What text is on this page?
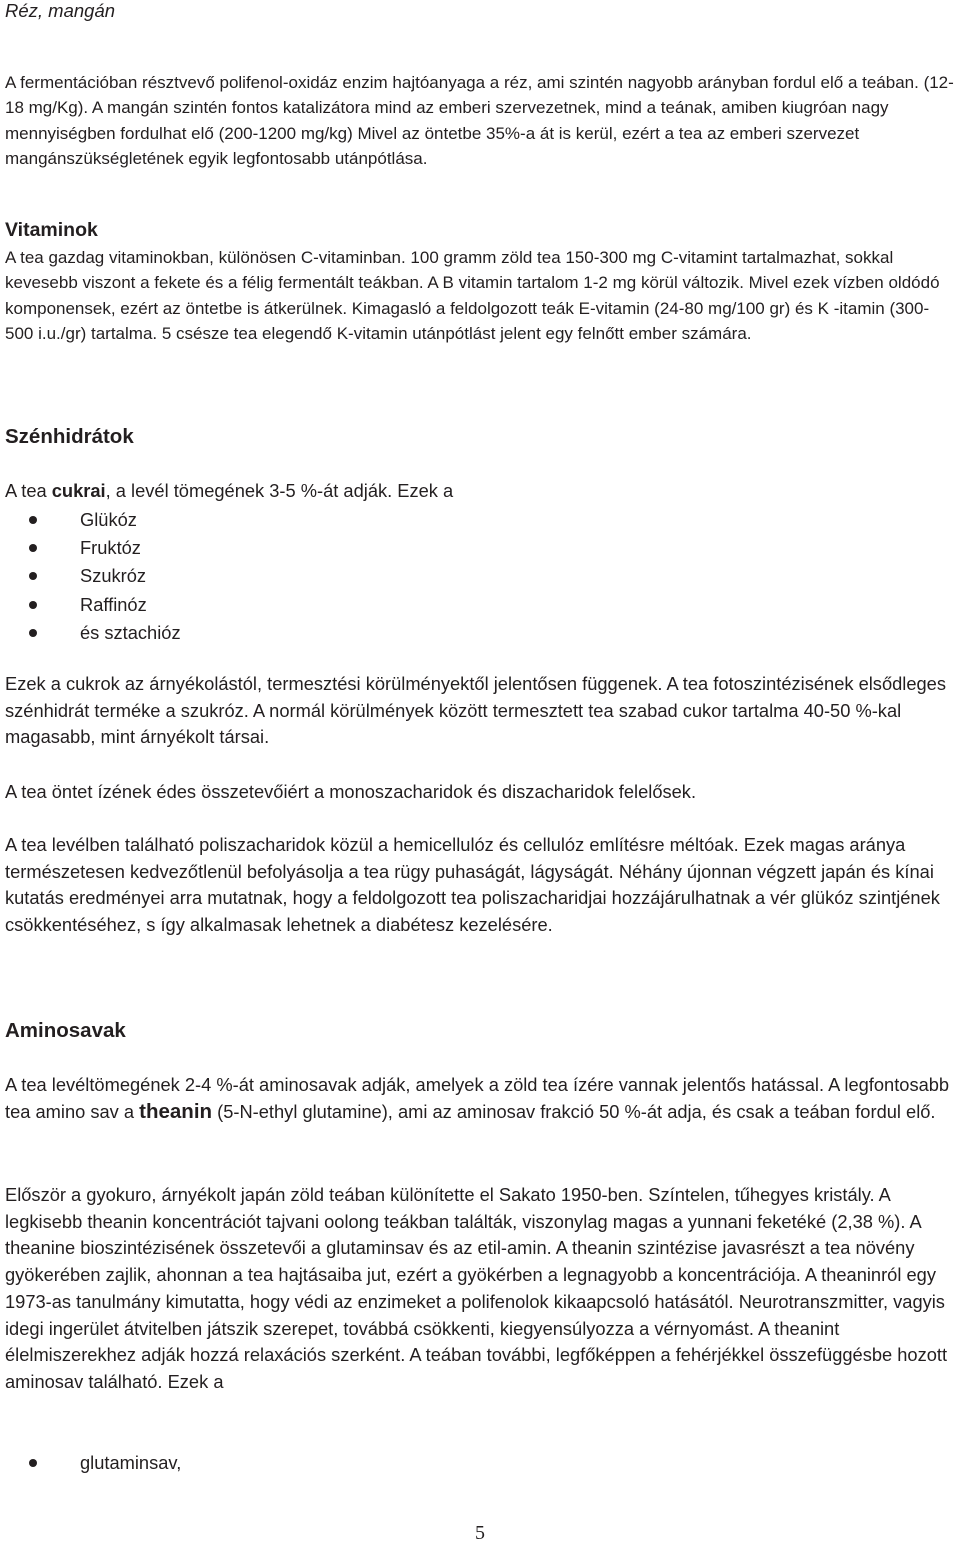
Réz, mangán

A fermentációban résztvevő polifenol-oxidáz enzim hajtóanyaga a réz, ami szintén nagyobb arányban fordul elő a teában. (12-18 mg/Kg). A mangán szintén fontos katalizátora mind az emberi szervezetnek, mind a teának, amiben kiugróan nagy mennyiségben fordulhat elő (200-1200 mg/kg) Mivel az öntetbe 35%-a át is kerül, ezért a tea az emberi szervezet mangánszükségletének egyik legfontosabb utánpótlása.

Vitaminok

A tea gazdag vitaminokban, különösen C-vitaminban. 100 gramm zöld tea 150-300 mg C-vitamint tartalmazhat, sokkal kevesebb viszont a fekete és a félig fermentált teákban. A B vitamin tartalom 1-2 mg körül változik. Mivel ezek vízben oldódó komponensek, ezért az öntetbe is átkerülnek. Kimagasló a feldolgozott teák E-vitamin (24-80 mg/100 gr) és K -itamin (300-500 i.u./gr) tartalma. 5 csésze tea elegendő K-vitamin utánpótlást jelent egy felnőtt ember számára.

Szénhidrátok

A tea cukrai, a levél tömegének 3-5 %-át adják. Ezek a

Glükóz
Fruktóz
Szukróz
Raffinóz
és sztachióz

Ezek a cukrok az árnyékolástól, termesztési körülményektől jelentősen függenek. A tea fotoszintézisének elsődleges szénhidrát terméke a szukróz. A normál körülmények között termesztett tea szabad cukor tartalma 40-50 %-kal magasabb, mint árnyékolt társai.

A tea öntet ízének édes összetevőiért a monoszacharidok és diszacharidok felelősek.

A tea levélben található poliszacharidok közül a hemicellulóz és cellulóz említésre méltóak. Ezek magas aránya természetesen kedvezőtlenül befolyásolja a tea rügy puhaságát, lágyságát. Néhány újonnan végzett japán és kínai kutatás eredményei arra mutatnak, hogy a feldolgozott tea poliszacharidjai hozzájárulhatnak a vér glükóz szintjének csökkentéséhez, s így alkalmasak lehetnek a diabétesz kezelésére.

Aminosavak

A tea levéltömegének 2-4 %-át aminosavak adják, amelyek a zöld tea ízére vannak jelentős hatással. A legfontosabb tea amino sav a theanin (5-N-ethyl glutamine), ami az aminosav frakció 50 %-át adja, és csak a teában fordul elő.

Először a gyokuro, árnyékolt japán zöld teában különítette el Sakato 1950-ben. Színtelen, tűhegyes kristály. A legkisebb theanin koncentrációt tajvani oolong teákban találták, viszonylag magas a yunnani feketéké (2,38 %). A theanine bioszintézisének összetevői a glutaminsav és az etil-amin. A theanin szintézise javasrészt a tea növény gyökerében zajlik, ahonnan a tea hajtásaiba jut, ezért a gyökérben a legnagyobb a koncentrációja. A theaninról egy 1973-as tanulmány kimutatta, hogy védi az enzimeket a polifenolok kikaapcsoló hatásától. Neurotranszmitter, vagyis idegi ingerület átvitelben játszik szerepet, továbbá csökkenti, kiegyensúlyozza a vérnyomást. A theanint élelmiszerekhez adják hozzá relaxációs szerként. A teában további, legfőképpen a fehérjékkel összefüggésbe hozott aminosav található. Ezek a

glutaminsav,
5
